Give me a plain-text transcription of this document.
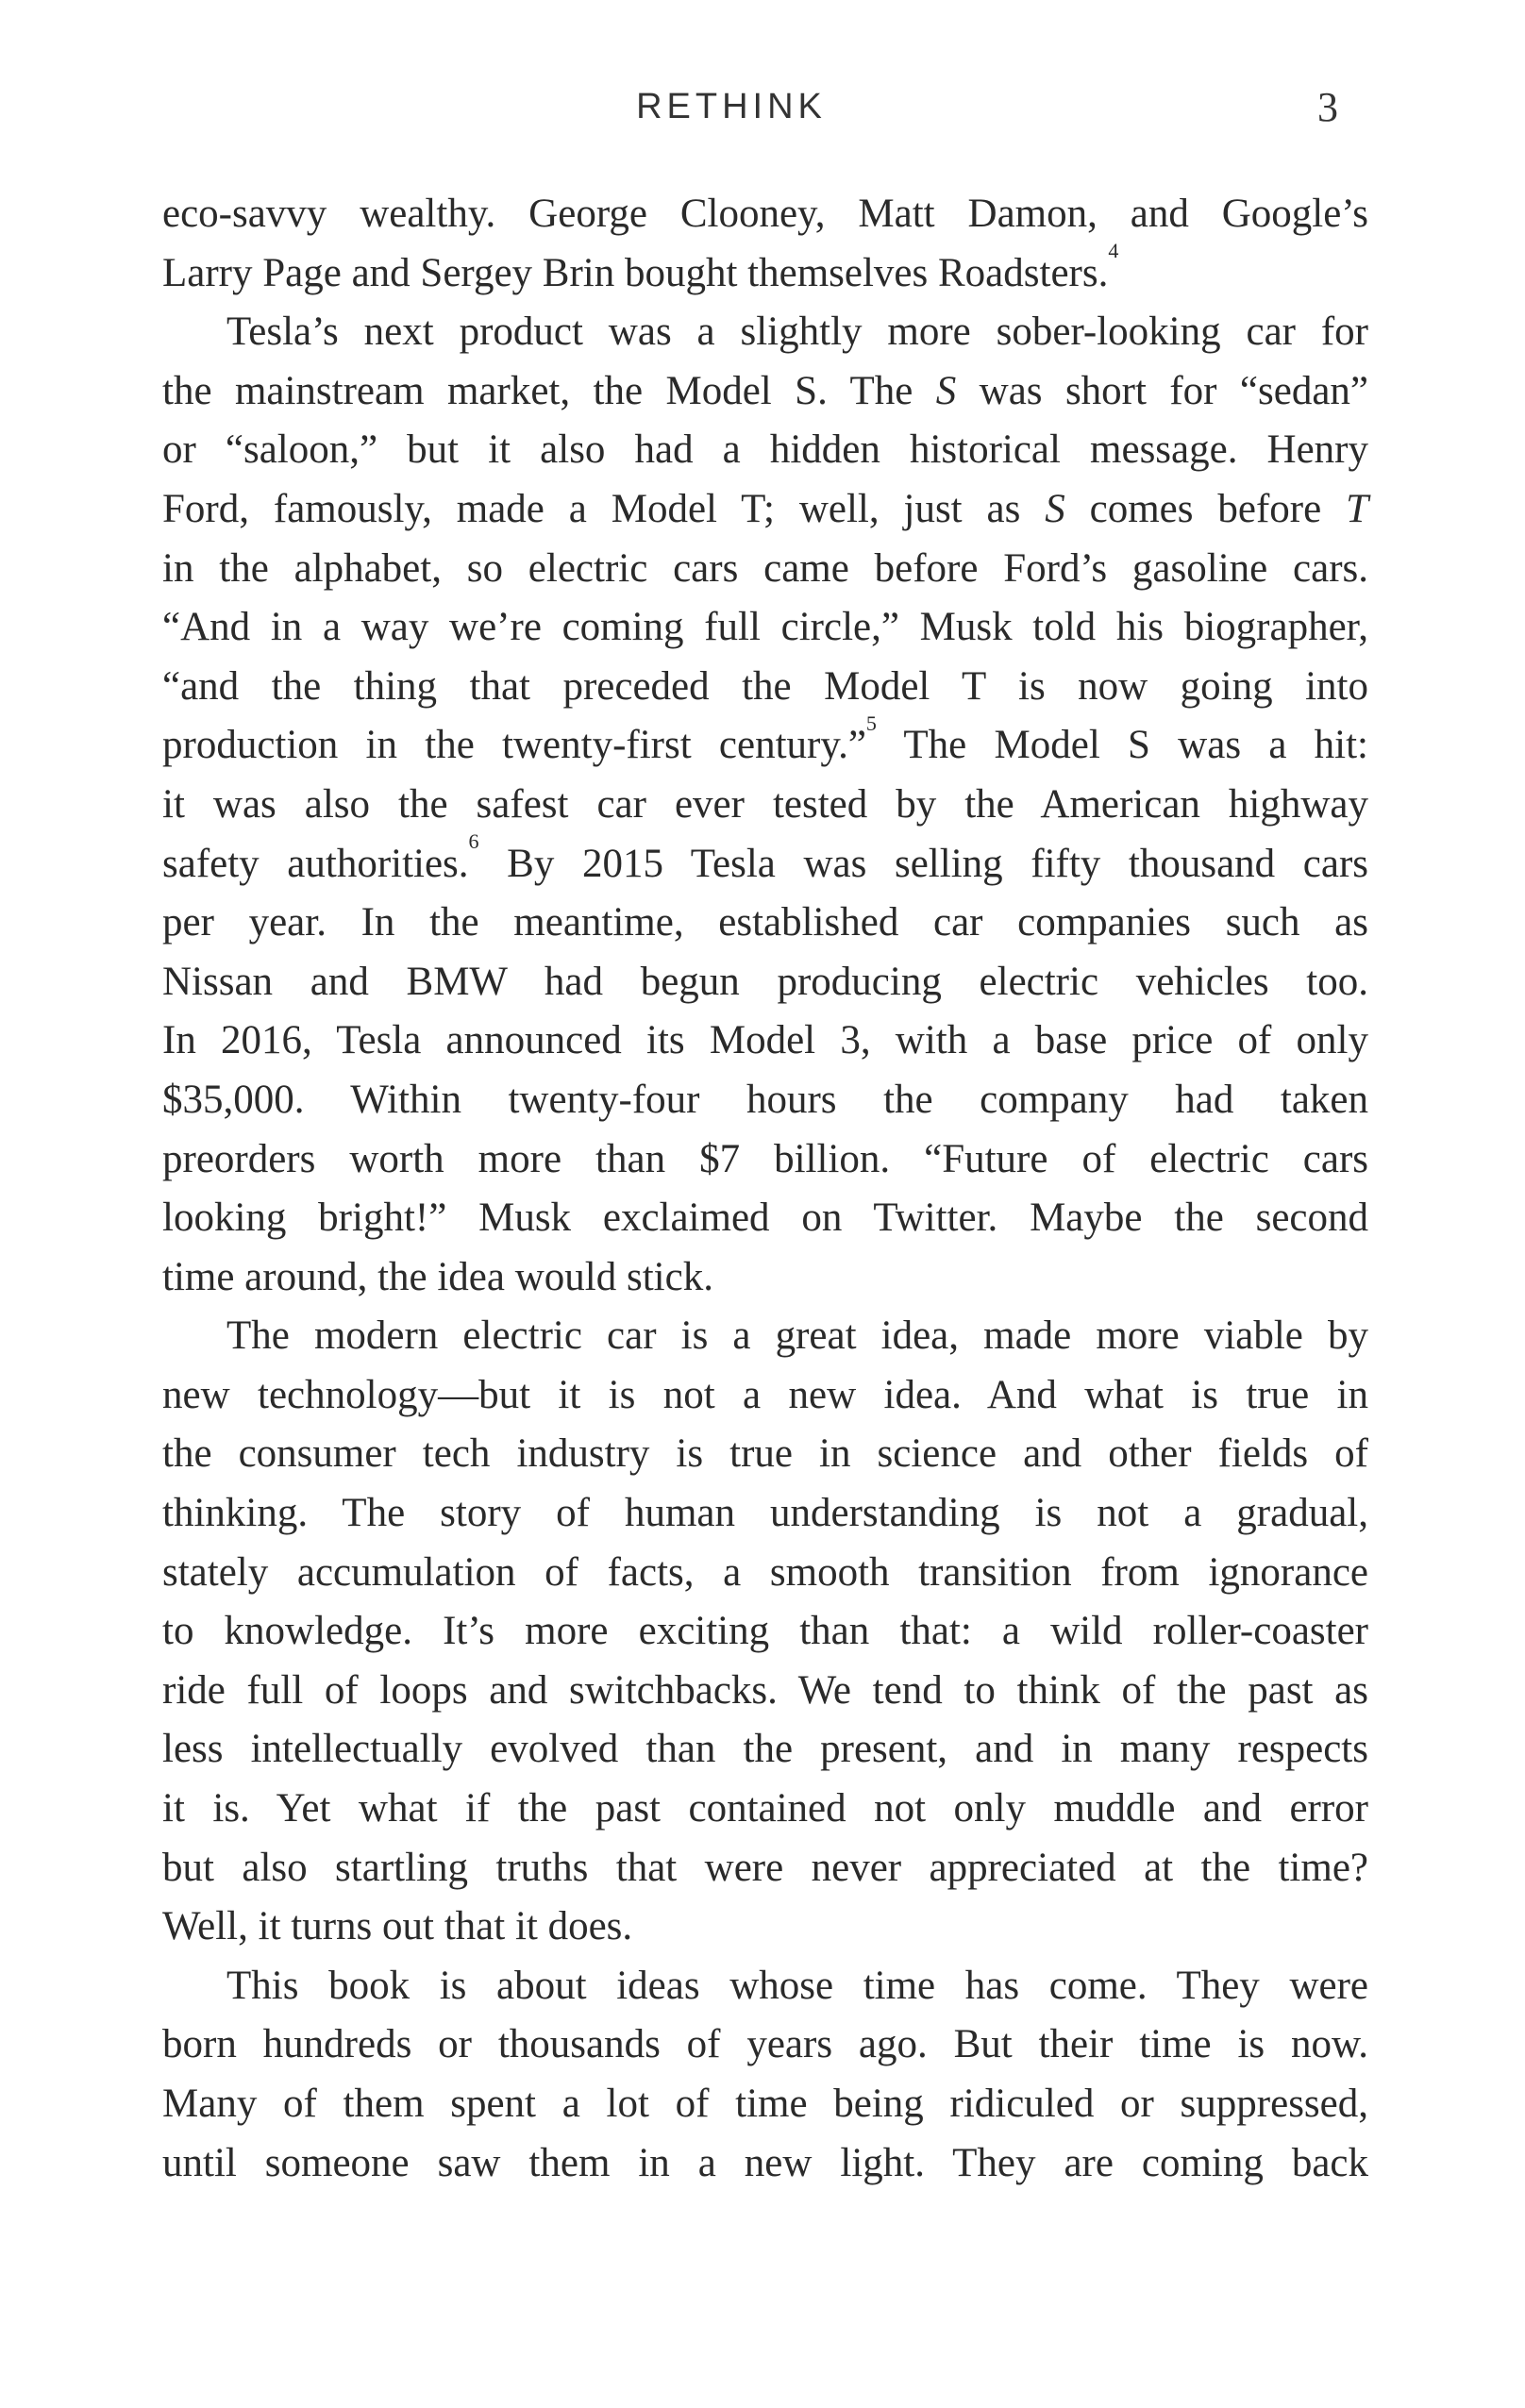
RETHINK	3
eco-savvy wealthy. George Clooney, Matt Damon, and Google’s
Larry Page and Sergey Brin bought themselves Roadsters.$^4$
Tesla’s next product was a slightly more sober-looking car for
the mainstream market, the Model S. The S was short for “sedan”
or “saloon,” but it also had a hidden historical message. Henry
Ford, famously, made a Model T; well, just as S comes before T
in the alphabet, so electric cars came before Ford’s gasoline cars.
“And in a way we’re coming full circle,” Musk told his biographer,
“and the thing that preceded the Model T is now going into
production in the twenty-first century.”$^5$ The Model S was a hit:
it was also the safest car ever tested by the American highway
safety authorities.$^6$ By 2015 Tesla was selling fifty thousand cars
per year. In the meantime, established car companies such as
Nissan and BMW had begun producing electric vehicles too.
In 2016, Tesla announced its Model 3, with a base price of only
$35,000. Within twenty-four hours the company had taken
preorders worth more than $7 billion. “Future of electric cars
looking bright!” Musk exclaimed on Twitter. Maybe the second
time around, the idea would stick.
The modern electric car is a great idea, made more viable by
new technology—but it is not a new idea. And what is true in
the consumer tech industry is true in science and other fields of
thinking. The story of human understanding is not a gradual,
stately accumulation of facts, a smooth transition from ignorance
to knowledge. It’s more exciting than that: a wild roller-coaster
ride full of loops and switchbacks. We tend to think of the past as
less intellectually evolved than the present, and in many respects
it is. Yet what if the past contained not only muddle and error
but also startling truths that were never appreciated at the time?
Well, it turns out that it does.
This book is about ideas whose time has come. They were
born hundreds or thousands of years ago. But their time is now.
Many of them spent a lot of time being ridiculed or suppressed,
until someone saw them in a new light. They are coming back
